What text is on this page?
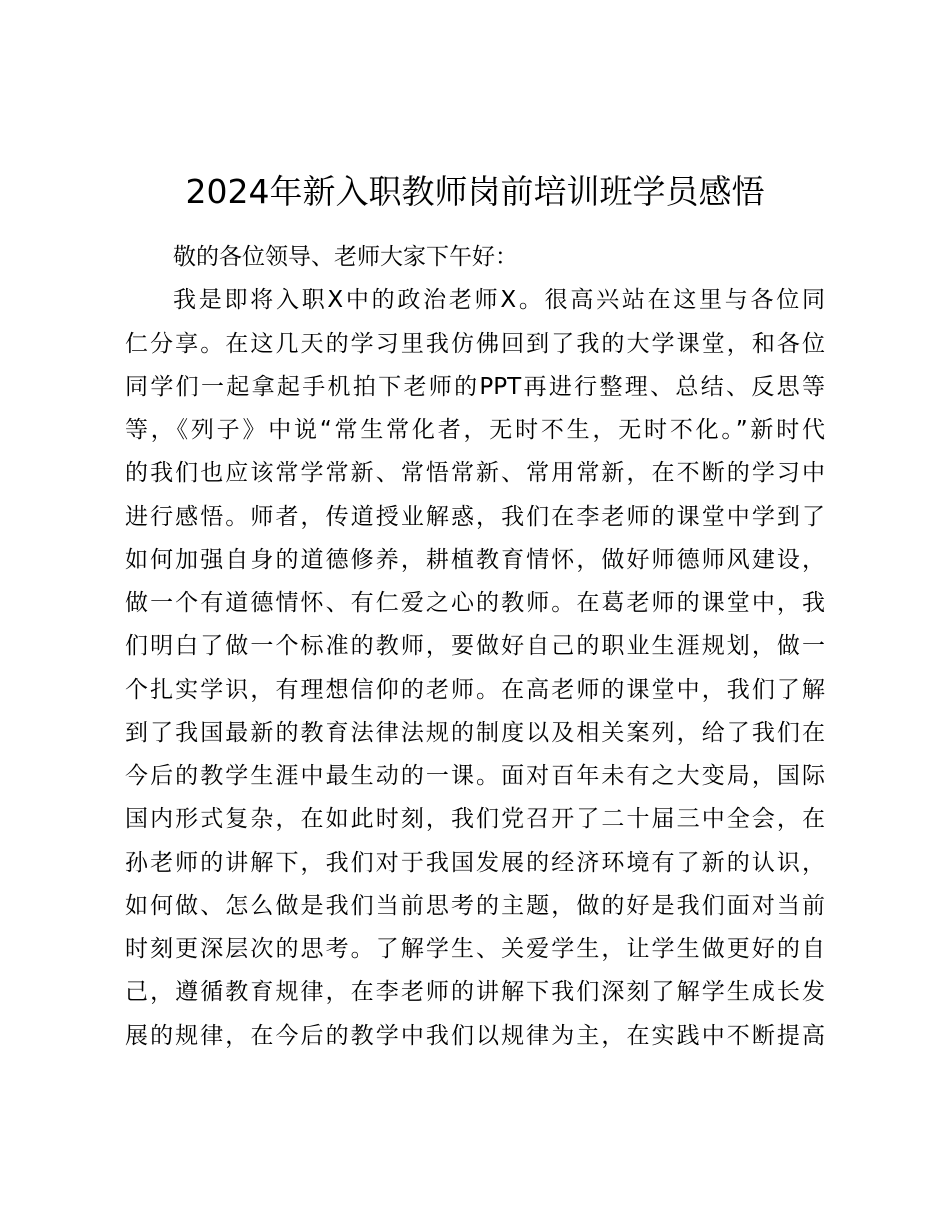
2024年新入职教师岗前培训班学员感悟
敬的各位领导、老师大家下午好：
我是即将入职X中的政治老师X。很高兴站在这里与各位同
仁分享。在这几天的学习里我仿佛回到了我的大学课堂，和各位
同学们一起拿起手机拍下老师的PPT再进行整理、总结、反思等
等，《列子》中说“常生常化者，无时不生，无时不化。”新时代
的我们也应该常学常新、常悟常新、常用常新，在不断的学习中
进行感悟。师者，传道授业解惑，我们在李老师的课堂中学到了
如何加强自身的道德修养，耕植教育情怀，做好师德师风建设，
做一个有道德情怀、有仁爱之心的教师。在葛老师的课堂中，我
们明白了做一个标准的教师，要做好自己的职业生涯规划，做一
个扎实学识，有理想信仰的老师。在高老师的课堂中，我们了解
到了我国最新的教育法律法规的制度以及相关案列，给了我们在
今后的教学生涯中最生动的一课。面对百年未有之大变局，国际
国内形式复杂，在如此时刻，我们党召开了二十届三中全会，在
孙老师的讲解下，我们对于我国发展的经济环境有了新的认识，
如何做、怎么做是我们当前思考的主题，做的好是我们面对当前
时刻更深层次的思考。了解学生、关爱学生，让学生做更好的自
己，遵循教育规律，在李老师的讲解下我们深刻了解学生成长发
展的规律，在今后的教学中我们以规律为主，在实践中不断提高
